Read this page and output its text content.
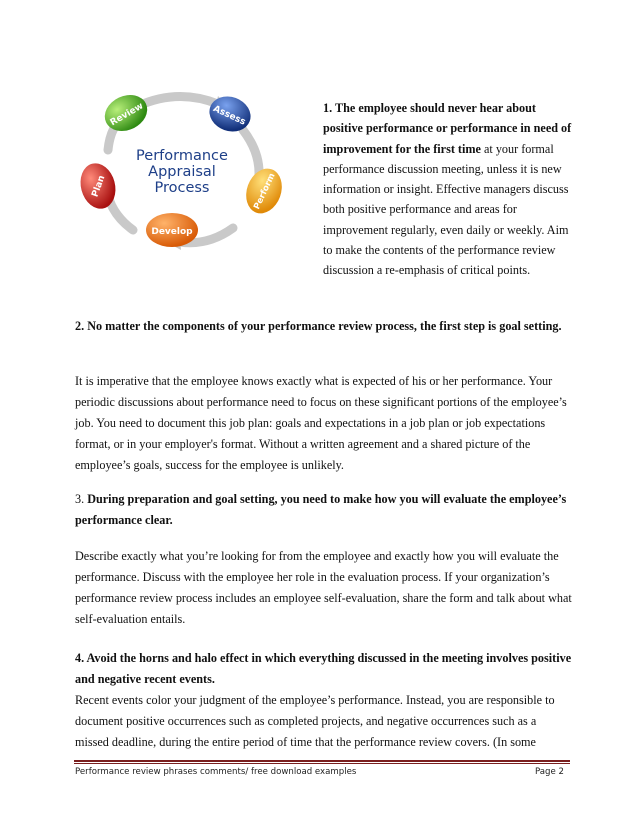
Review	Assess
Perform
Develop
Plan
Performance
Appraisal
Process
1. The employee should never hear about positive performance or performance in need of improvement for the first time at your formal performance discussion meeting, unless it is new information or insight. Effective managers discuss both positive performance and areas for improvement regularly, even daily or weekly. Aim to make the contents of the performance review discussion a re-emphasis of critical points.
2. No matter the components of your performance review process, the first step is goal setting.
It is imperative that the employee knows exactly what is expected of his or her performance. Your periodic discussions about performance need to focus on these significant portions of the employee’s job. You need to document this job plan: goals and expectations in a job plan or job expectations format, or in your employer's format. Without a written agreement and a shared picture of the employee’s goals, success for the employee is unlikely.
3. During preparation and goal setting, you need to make how you will evaluate the employee’s performance clear.
Describe exactly what you’re looking for from the employee and exactly how you will evaluate the performance. Discuss with the employee her role in the evaluation process. If your organization’s performance review process includes an employee self-evaluation, share the form and talk about what self-evaluation entails.

4. Avoid the horns and halo effect in which everything discussed in the meeting involves positive and negative recent events.

Recent events color your judgment of the employee’s performance. Instead, you are responsible to document positive occurrences such as completed projects, and negative occurrences such as a missed deadline, during the entire period of time that the performance review covers. (In some

Performance review phrases comments/ free download examples	Page 2
